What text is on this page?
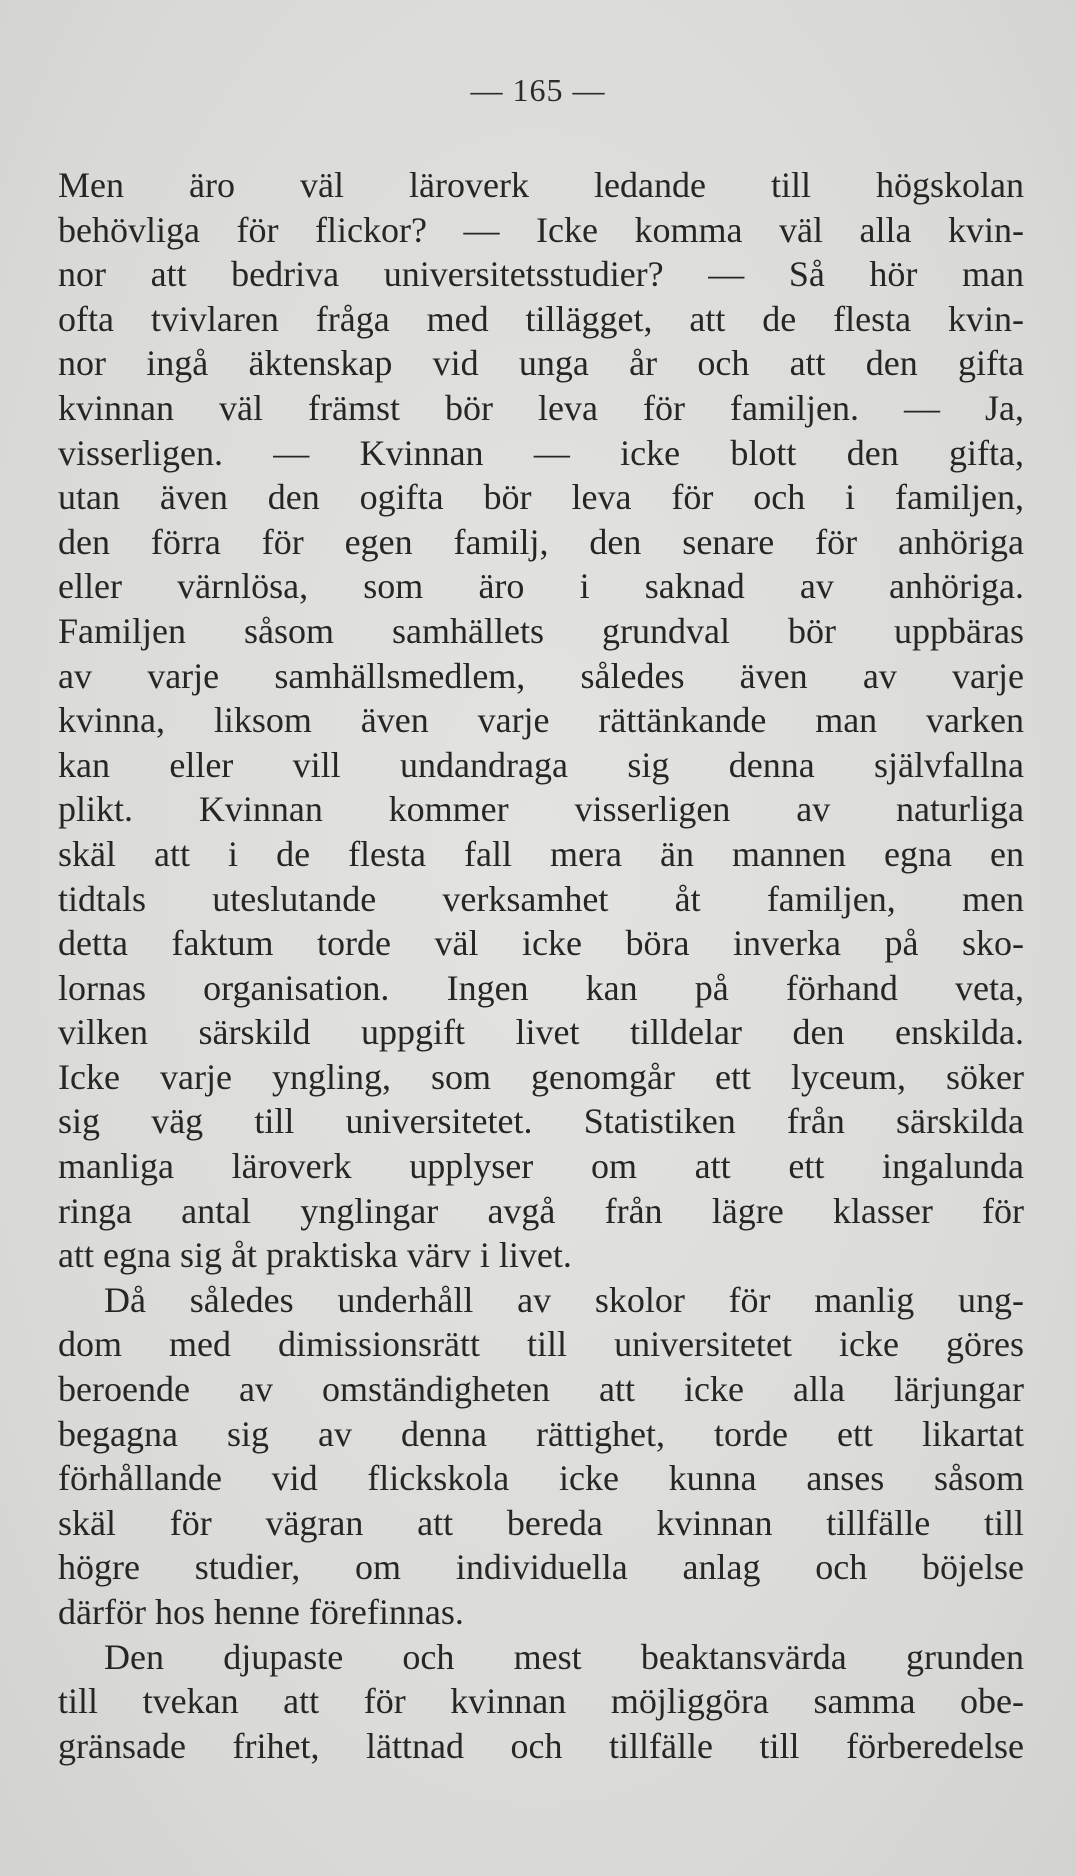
— 165 —
Men äro väl läroverk ledande till högskolan
behövliga för flickor? — Icke komma väl alla kvin-
nor att bedriva universitetsstudier? — Så hör man
ofta tvivlaren fråga med tillägget, att de flesta kvin-
nor ingå äktenskap vid unga år och att den gifta
kvinnan väl främst bör leva för familjen. — Ja,
visserligen. — Kvinnan — icke blott den gifta,
utan även den ogifta bör leva för och i familjen,
den förra för egen familj, den senare för anhöriga
eller värnlösa, som äro i saknad av anhöriga.
Familjen såsom samhällets grundval bör uppbäras
av varje samhällsmedlem, således även av varje
kvinna, liksom även varje rättänkande man varken
kan eller vill undandraga sig denna självfallna
plikt. Kvinnan kommer visserligen av naturliga
skäl att i de flesta fall mera än mannen egna en
tidtals uteslutande verksamhet åt familjen, men
detta faktum torde väl icke böra inverka på sko-
lornas organisation. Ingen kan på förhand veta,
vilken särskild uppgift livet tilldelar den enskilda.
Icke varje yngling, som genomgår ett lyceum, söker
sig väg till universitetet. Statistiken från särskilda
manliga läroverk upplyser om att ett ingalunda
ringa antal ynglingar avgå från lägre klasser för
att egna sig åt praktiska värv i livet.
Då således underhåll av skolor för manlig ung-
dom med dimissionsrätt till universitetet icke göres
beroende av omständigheten att icke alla lärjungar
begagna sig av denna rättighet, torde ett likartat
förhållande vid flickskola icke kunna anses såsom
skäl för vägran att bereda kvinnan tillfälle till
högre studier, om individuella anlag och böjelse
därför hos henne förefinnas.
Den djupaste och mest beaktansvärda grunden
till tvekan att för kvinnan möjliggöra samma obe-
gränsade frihet, lättnad och tillfälle till förberedelse
